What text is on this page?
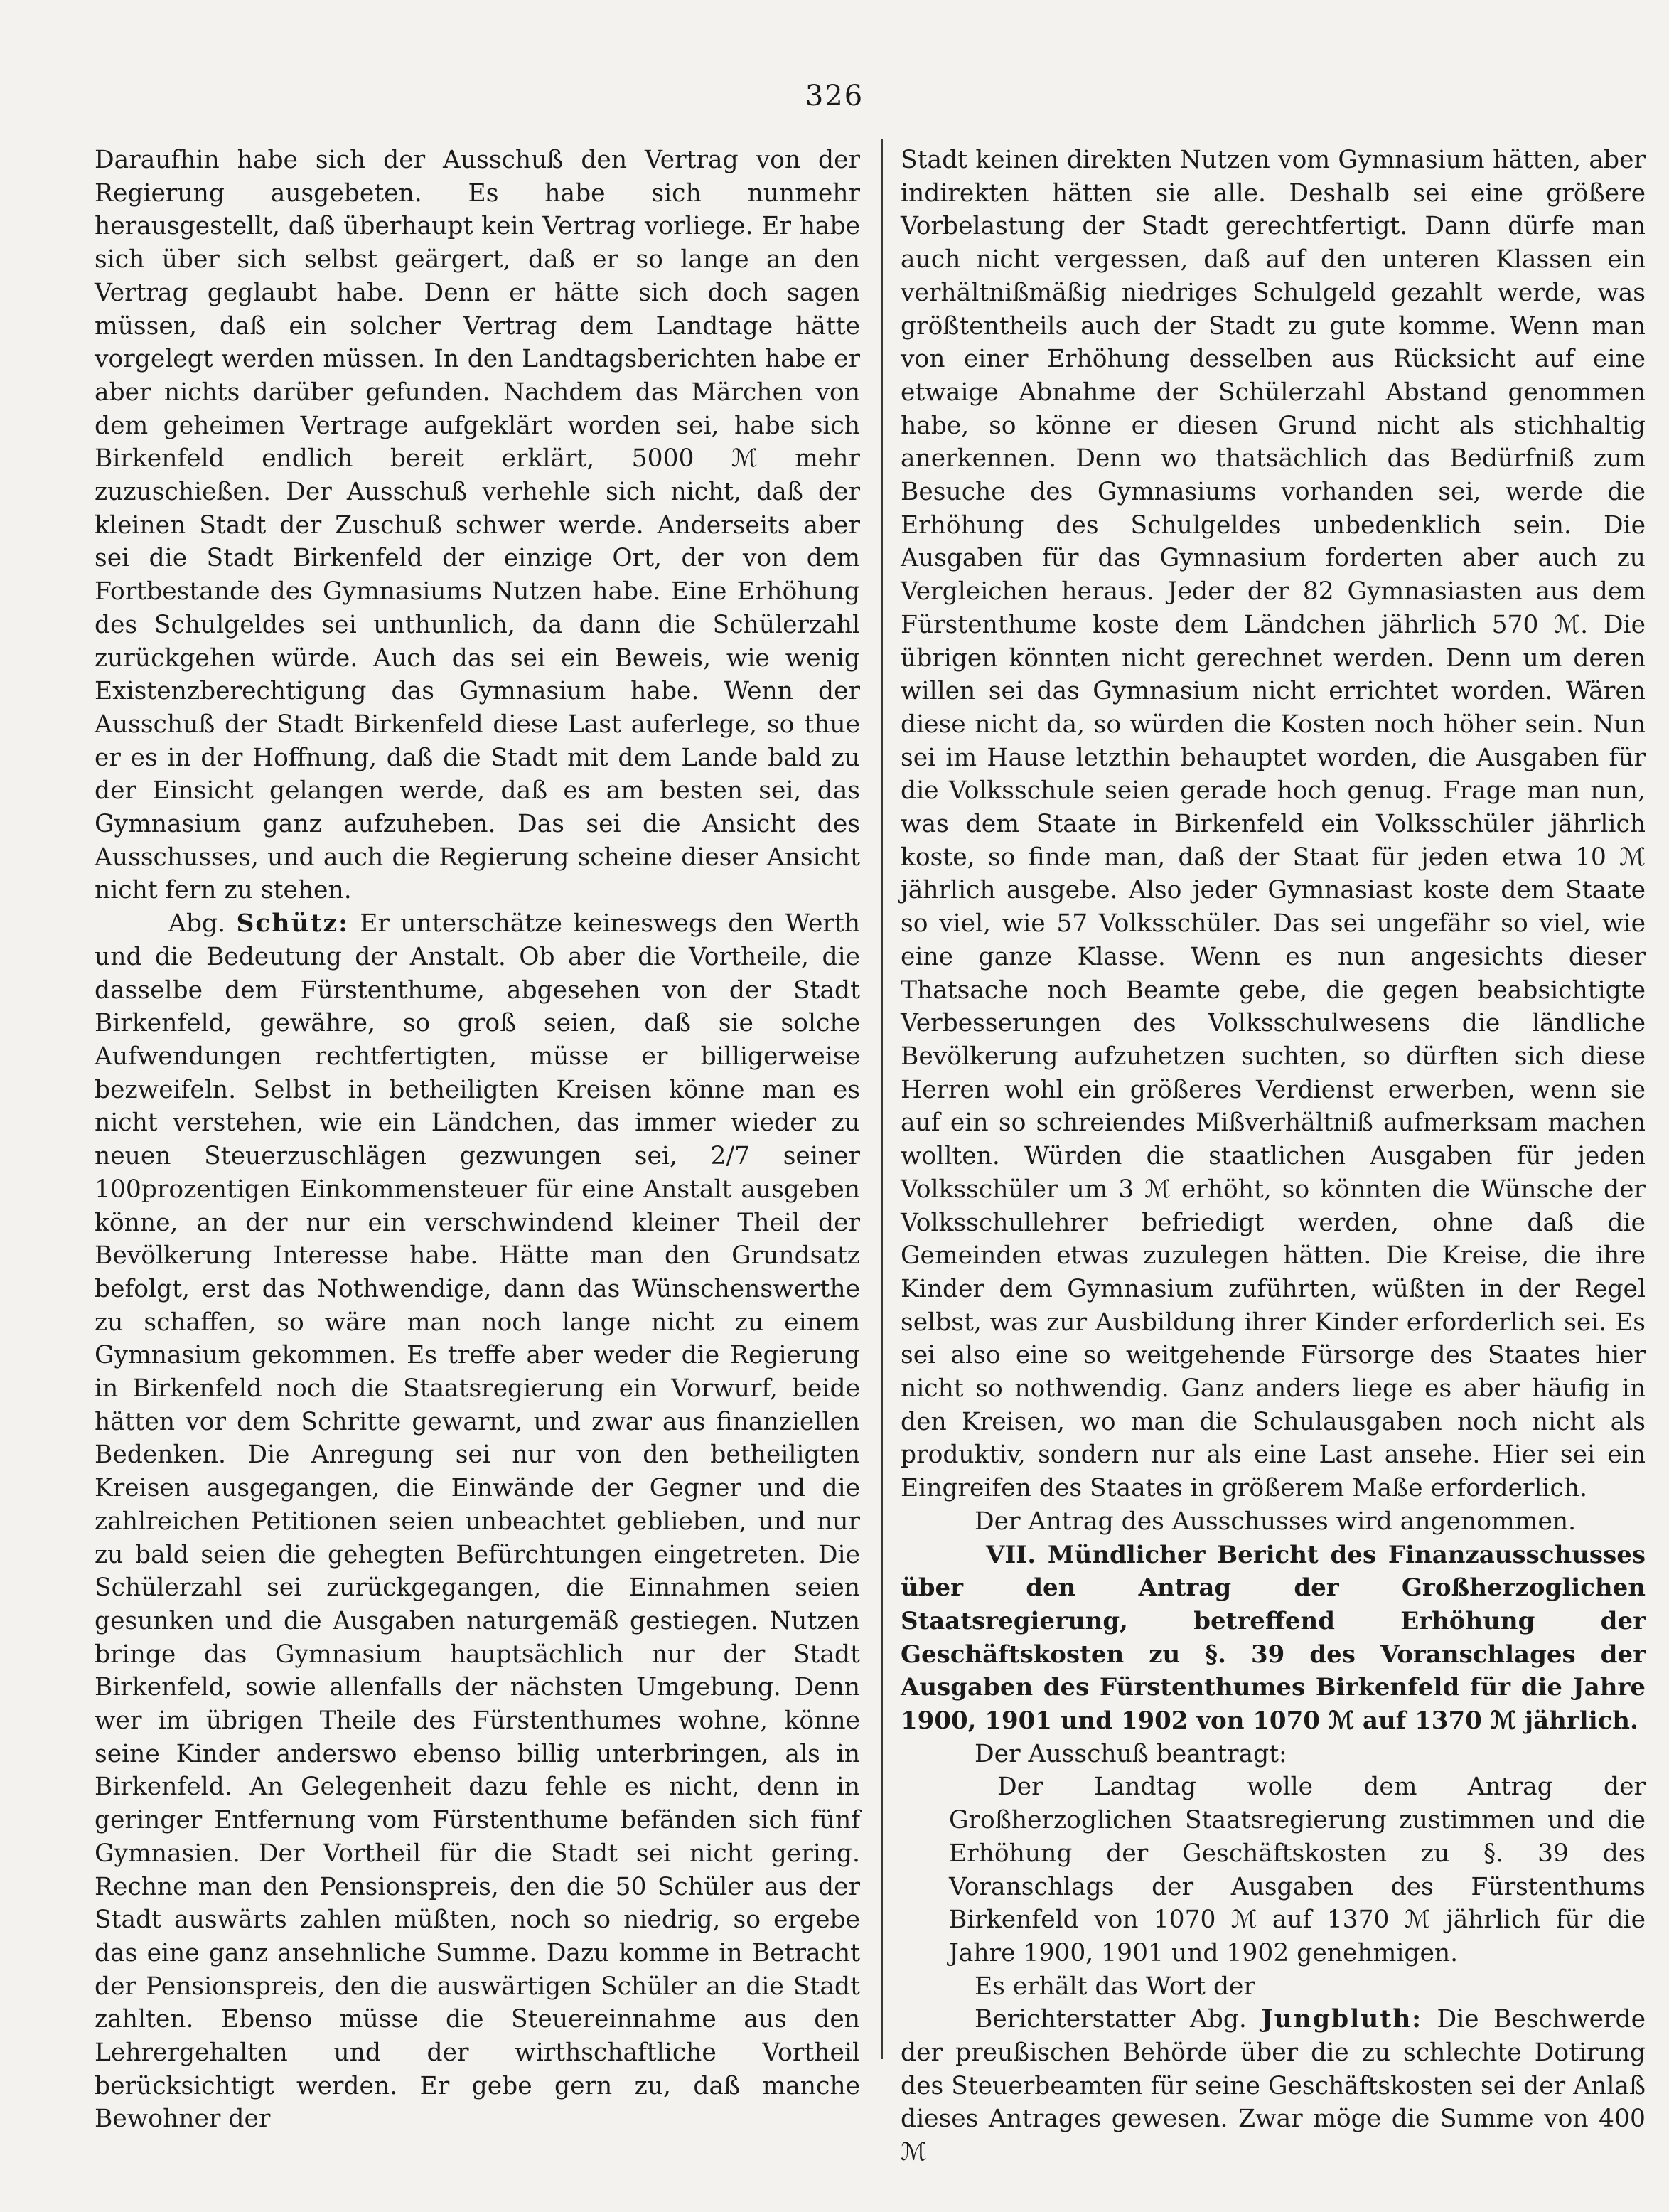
326

Daraufhin habe sich der Ausschuß den Vertrag von der Regierung ausgebeten. Es habe sich nunmehr herausgestellt, daß überhaupt kein Vertrag vorliege. Er habe sich über sich selbst geärgert, daß er so lange an den Vertrag geglaubt habe. Denn er hätte sich doch sagen müssen, daß ein solcher Vertrag dem Landtage hätte vorgelegt werden müssen. In den Landtagsberichten habe er aber nichts darüber gefunden. Nachdem das Märchen von dem geheimen Vertrage aufgeklärt worden sei, habe sich Birkenfeld endlich bereit erklärt, 5000 ℳ mehr zuzuschießen. Der Ausschuß verhehle sich nicht, daß der kleinen Stadt der Zuschuß schwer werde. Anderseits aber sei die Stadt Birkenfeld der einzige Ort, der von dem Fortbestande des Gymnasiums Nutzen habe. Eine Erhöhung des Schulgeldes sei unthunlich, da dann die Schülerzahl zurückgehen würde. Auch das sei ein Beweis, wie wenig Existenzberechtigung das Gymnasium habe. Wenn der Ausschuß der Stadt Birkenfeld diese Last auferlege, so thue er es in der Hoffnung, daß die Stadt mit dem Lande bald zu der Einsicht gelangen werde, daß es am besten sei, das Gymnasium ganz aufzuheben. Das sei die Ansicht des Ausschusses, und auch die Regierung scheine dieser Ansicht nicht fern zu stehen.

Abg. Schütz: Er unterschätze keineswegs den Werth und die Bedeutung der Anstalt. Ob aber die Vortheile, die dasselbe dem Fürstenthume, abgesehen von der Stadt Birkenfeld, gewähre, so groß seien, daß sie solche Aufwendungen rechtfertigten, müsse er billigerweise bezweifeln. Selbst in betheiligten Kreisen könne man es nicht verstehen, wie ein Ländchen, das immer wieder zu neuen Steuerzuschlägen gezwungen sei, 2/7 seiner 100prozentigen Einkommensteuer für eine Anstalt ausgeben könne, an der nur ein verschwindend kleiner Theil der Bevölkerung Interesse habe. Hätte man den Grundsatz befolgt, erst das Nothwendige, dann das Wünschenswerthe zu schaffen, so wäre man noch lange nicht zu einem Gymnasium gekommen. Es treffe aber weder die Regierung in Birkenfeld noch die Staatsregierung ein Vorwurf, beide hätten vor dem Schritte gewarnt, und zwar aus finanziellen Bedenken. Die Anregung sei nur von den betheiligten Kreisen ausgegangen, die Einwände der Gegner und die zahlreichen Petitionen seien unbeachtet geblieben, und nur zu bald seien die gehegten Befürchtungen eingetreten. Die Schülerzahl sei zurückgegangen, die Einnahmen seien gesunken und die Ausgaben naturgemäß gestiegen. Nutzen bringe das Gymnasium hauptsächlich nur der Stadt Birkenfeld, sowie allenfalls der nächsten Umgebung. Denn wer im übrigen Theile des Fürstenthumes wohne, könne seine Kinder anderswo ebenso billig unterbringen, als in Birkenfeld. An Gelegenheit dazu fehle es nicht, denn in geringer Entfernung vom Fürstenthume befänden sich fünf Gymnasien. Der Vortheil für die Stadt sei nicht gering. Rechne man den Pensionspreis, den die 50 Schüler aus der Stadt auswärts zahlen müßten, noch so niedrig, so ergebe das eine ganz ansehnliche Summe. Dazu komme in Betracht der Pensionspreis, den die auswärtigen Schüler an die Stadt zahlten. Ebenso müsse die Steuereinnahme aus den Lehrergehalten und der wirthschaftliche Vortheil berücksichtigt werden. Er gebe gern zu, daß manche Bewohner der

Stadt keinen direkten Nutzen vom Gymnasium hätten, aber indirekten hätten sie alle. Deshalb sei eine größere Vorbelastung der Stadt gerechtfertigt. Dann dürfe man auch nicht vergessen, daß auf den unteren Klassen ein verhältnißmäßig niedriges Schulgeld gezahlt werde, was größtentheils auch der Stadt zu gute komme. Wenn man von einer Erhöhung desselben aus Rücksicht auf eine etwaige Abnahme der Schülerzahl Abstand genommen habe, so könne er diesen Grund nicht als stichhaltig anerkennen. Denn wo thatsächlich das Bedürfniß zum Besuche des Gymnasiums vorhanden sei, werde die Erhöhung des Schulgeldes unbedenklich sein. Die Ausgaben für das Gymnasium forderten aber auch zu Vergleichen heraus. Jeder der 82 Gymnasiasten aus dem Fürstenthume koste dem Ländchen jährlich 570 ℳ. Die übrigen könnten nicht gerechnet werden. Denn um deren willen sei das Gymnasium nicht errichtet worden. Wären diese nicht da, so würden die Kosten noch höher sein. Nun sei im Hause letzthin behauptet worden, die Ausgaben für die Volksschule seien gerade hoch genug. Frage man nun, was dem Staate in Birkenfeld ein Volksschüler jährlich koste, so finde man, daß der Staat für jeden etwa 10 ℳ jährlich ausgebe. Also jeder Gymnasiast koste dem Staate so viel, wie 57 Volksschüler. Das sei ungefähr so viel, wie eine ganze Klasse. Wenn es nun angesichts dieser Thatsache noch Beamte gebe, die gegen beabsichtigte Verbesserungen des Volksschulwesens die ländliche Bevölkerung aufzuhetzen suchten, so dürften sich diese Herren wohl ein größeres Verdienst erwerben, wenn sie auf ein so schreiendes Mißverhältniß aufmerksam machen wollten. Würden die staatlichen Ausgaben für jeden Volksschüler um 3 ℳ erhöht, so könnten die Wünsche der Volksschullehrer befriedigt werden, ohne daß die Gemeinden etwas zuzulegen hätten. Die Kreise, die ihre Kinder dem Gymnasium zuführten, wüßten in der Regel selbst, was zur Ausbildung ihrer Kinder erforderlich sei. Es sei also eine so weitgehende Fürsorge des Staates hier nicht so nothwendig. Ganz anders liege es aber häufig in den Kreisen, wo man die Schulausgaben noch nicht als produktiv, sondern nur als eine Last ansehe. Hier sei ein Eingreifen des Staates in größerem Maße erforderlich.

Der Antrag des Ausschusses wird angenommen.

VII. Mündlicher Bericht des Finanzausschusses über den Antrag der Großherzoglichen Staatsregierung, betreffend Erhöhung der Geschäftskosten zu §. 39 des Voranschlages der Ausgaben des Fürstenthumes Birkenfeld für die Jahre 1900, 1901 und 1902 von 1070 ℳ auf 1370 ℳ jährlich.

Der Ausschuß beantragt:

Der Landtag wolle dem Antrag der Großherzoglichen Staatsregierung zustimmen und die Erhöhung der Geschäftskosten zu §. 39 des Voranschlags der Ausgaben des Fürstenthums Birkenfeld von 1070 ℳ auf 1370 ℳ jährlich für die Jahre 1900, 1901 und 1902 genehmigen.

Es erhält das Wort der

Berichterstatter Abg. Jungbluth: Die Beschwerde der preußischen Behörde über die zu schlechte Dotirung des Steuerbeamten für seine Geschäftskosten sei der Anlaß dieses Antrages gewesen. Zwar möge die Summe von 400 ℳ
